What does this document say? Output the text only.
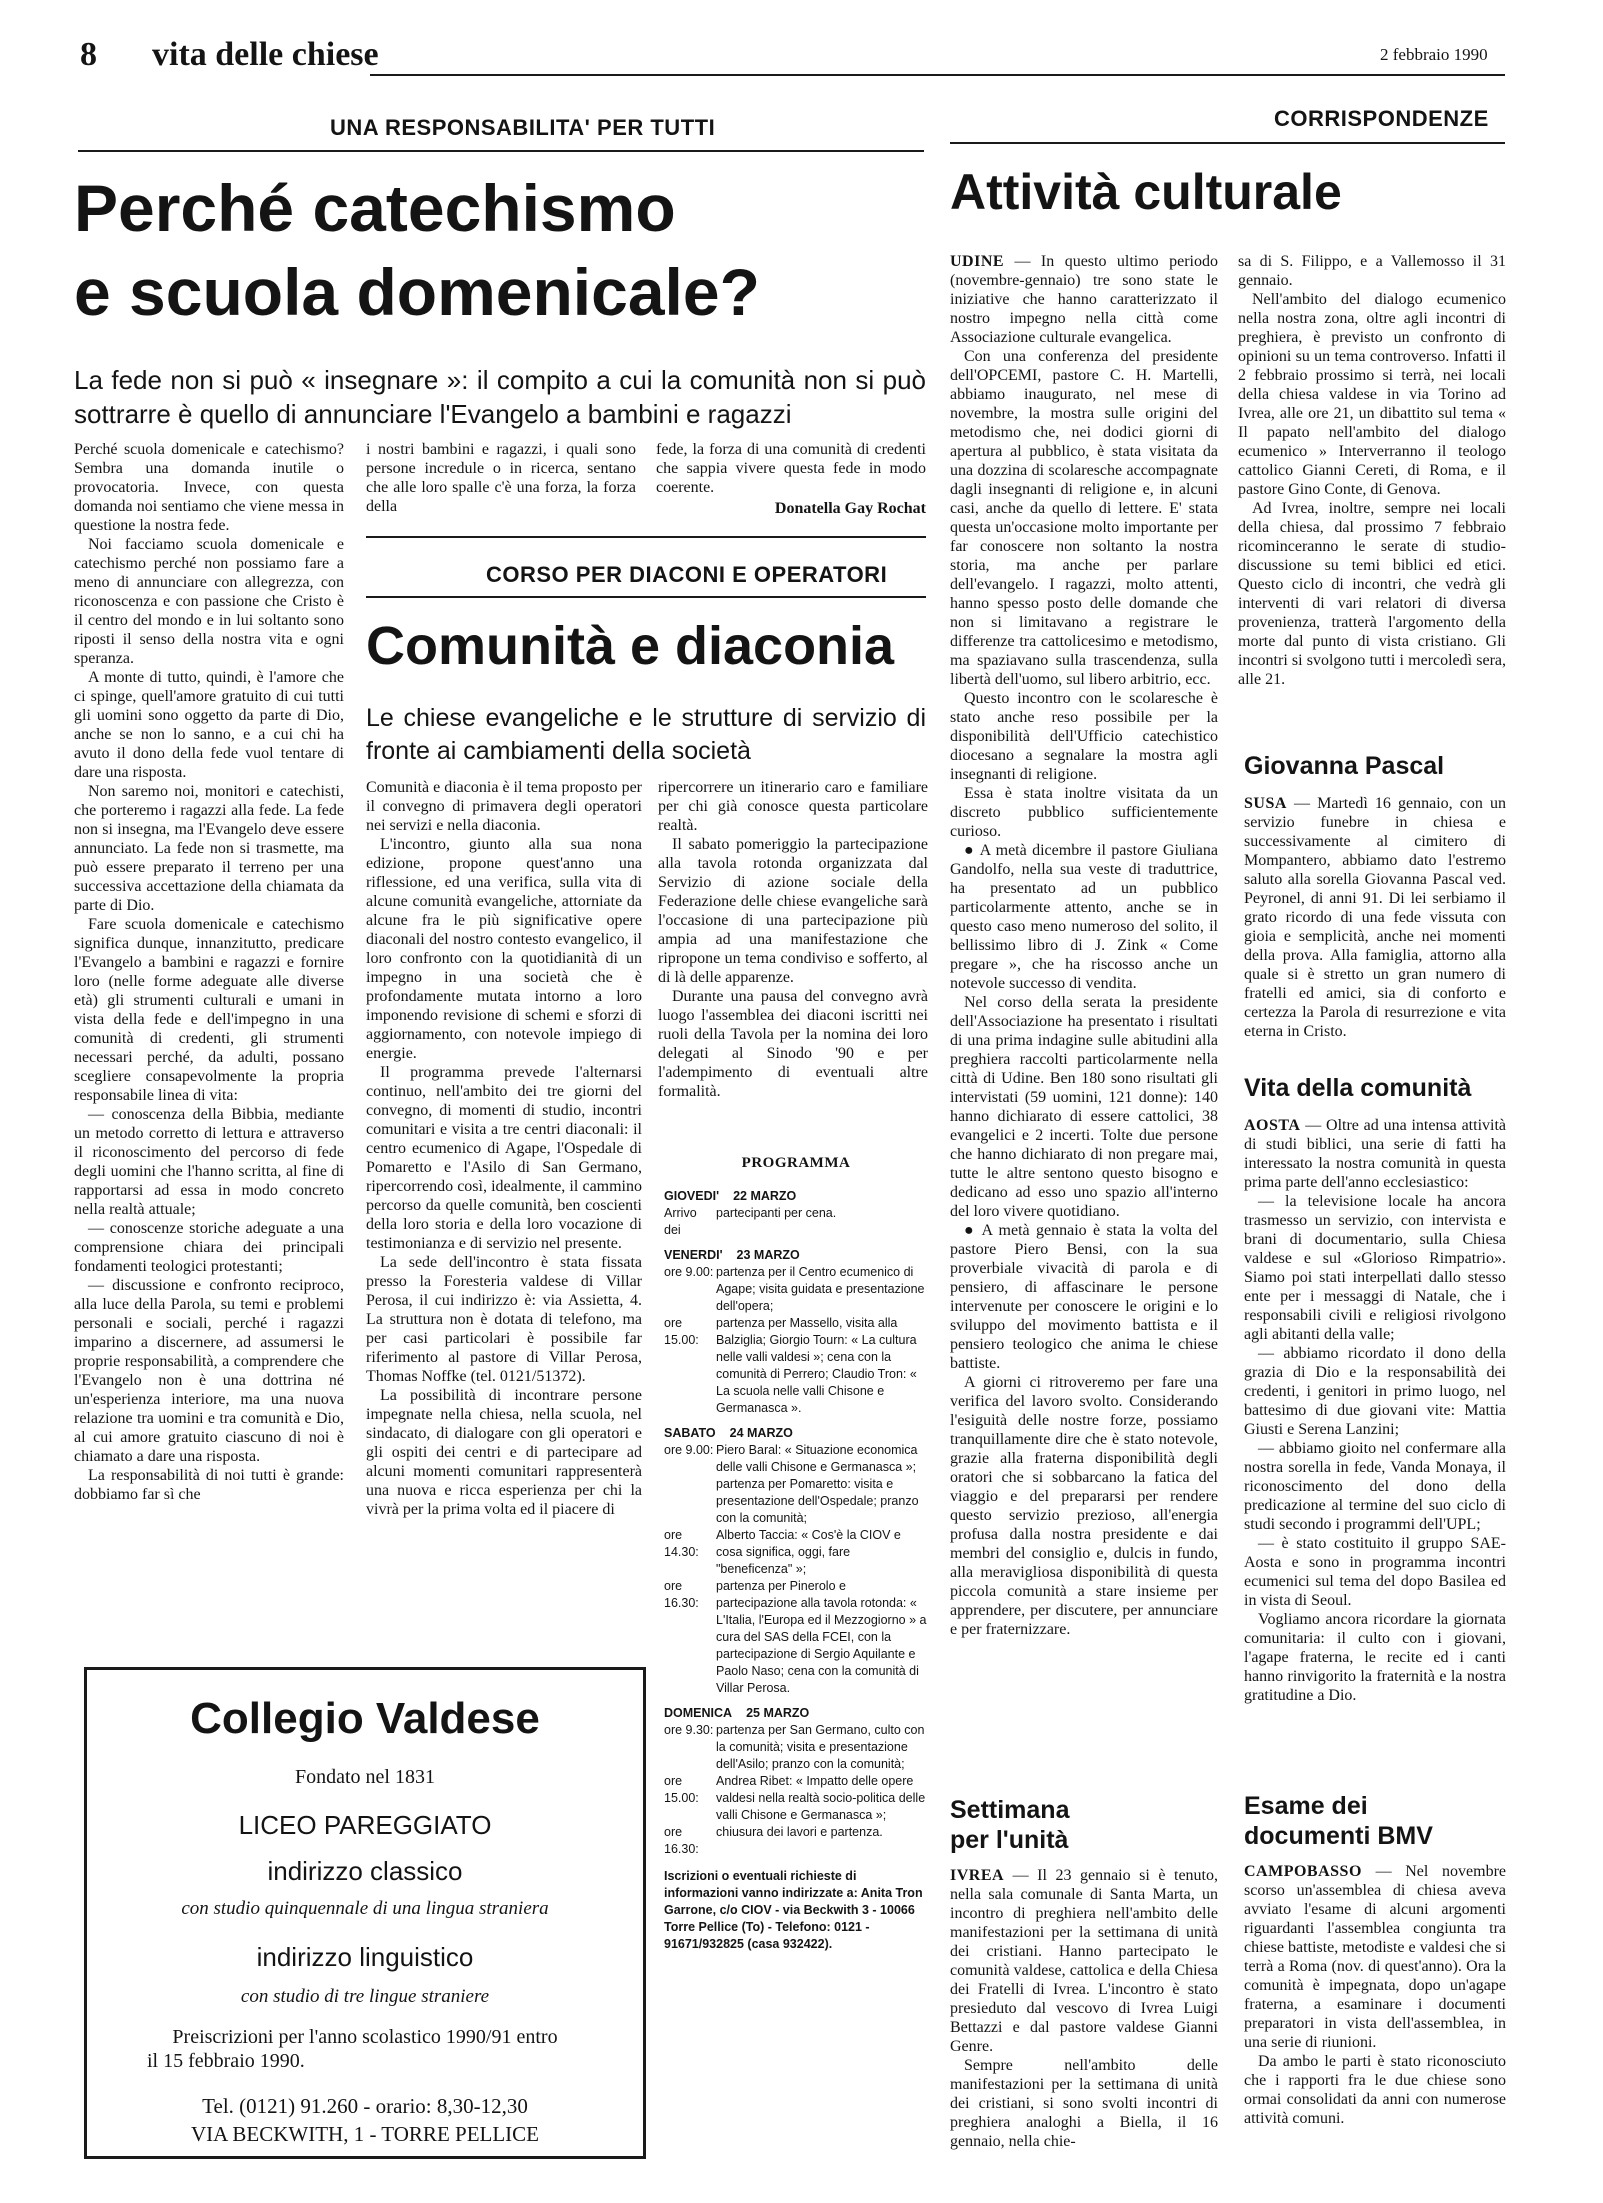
8 vita delle chiese	2 febbraio 1990
UNA RESPONSABILITA' PER TUTTI
Perché catechismo
e scuola domenicale?
La fede non si può « insegnare »: il compito a cui la comunità non si può sottrarre è quello di annunciare l'Evangelo a bambini e ragazzi

Perché scuola domenicale e catechismo? Sembra una domanda inutile o provocatoria. Invece, con questa domanda noi sentiamo che viene messa in questione la nostra fede.

Noi facciamo scuola domenicale e catechismo perché non possiamo fare a meno di annunciare con allegrezza, con riconoscenza e con passione che Cristo è il centro del mondo e in lui soltanto sono riposti il senso della nostra vita e ogni speranza.

A monte di tutto, quindi, è l'amore che ci spinge, quell'amore gratuito di cui tutti gli uomini sono oggetto da parte di Dio, anche se non lo sanno, e a cui chi ha avuto il dono della fede vuol tentare di dare una risposta.

Non saremo noi, monitori e catechisti, che porteremo i ragazzi alla fede. La fede non si insegna, ma l'Evangelo deve essere annunciato. La fede non si trasmette, ma può essere preparato il terreno per una successiva accettazione della chiamata da parte di Dio.

Fare scuola domenicale e catechismo significa dunque, innanzitutto, predicare l'Evangelo a bambini e ragazzi e fornire loro (nelle forme adeguate alle diverse età) gli strumenti culturali e umani in vista della fede e dell'impegno in una comunità di credenti, gli strumenti necessari perché, da adulti, possano scegliere consapevolmente la propria responsabile linea di vita:

— conoscenza della Bibbia, mediante un metodo corretto di lettura e attraverso il riconoscimento del percorso di fede degli uomini che l'hanno scritta, al fine di rapportarsi ad essa in modo concreto nella realtà attuale;

— conoscenze storiche adeguate a una comprensione chiara dei principali fondamenti teologici protestanti;

— discussione e confronto reciproco, alla luce della Parola, su temi e problemi personali e sociali, perché i ragazzi imparino a discernere, ad assumersi le proprie responsabilità, a comprendere che l'Evangelo non è una dottrina né un'esperienza interiore, ma una nuova relazione tra uomini e tra comunità e Dio, al cui amore gratuito ciascuno di noi è chiamato a dare una risposta.

La responsabilità di noi tutti è grande: dobbiamo far sì che

i nostri bambini e ragazzi, i quali sono persone incredule o in ricerca, sentano che alle loro spalle c'è una forza, la forza della

fede, la forza di una comunità di credenti che sappia vivere questa fede in modo coerente.

Donatella Gay Rochat
CORSO PER DIACONI E OPERATORI
Comunità e diaconia
Le chiese evangeliche e le strutture di servizio di fronte ai cambiamenti della società

Comunità e diaconia è il tema proposto per il convegno di primavera degli operatori nei servizi e nella diaconia.

L'incontro, giunto alla sua nona edizione, propone quest'anno una riflessione, ed una verifica, sulla vita di alcune comunità evangeliche, attorniate da alcune fra le più significative opere diaconali del nostro contesto evangelico, il loro confronto con la quotidianità di un impegno in una società che è profondamente mutata intorno a loro imponendo revisione di schemi e sforzi di aggiornamento, con notevole impiego di energie.

Il programma prevede l'alternarsi continuo, nell'ambito dei tre giorni del convegno, di momenti di studio, incontri comunitari e visita a tre centri diaconali: il centro ecumenico di Agape, l'Ospedale di Pomaretto e l'Asilo di San Germano, ripercorrendo così, idealmente, il cammino percorso da quelle comunità, ben coscienti della loro storia e della loro vocazione di testimonianza e di servizio nel presente.

La sede dell'incontro è stata fissata presso la Foresteria valdese di Villar Perosa, il cui indirizzo è: via Assietta, 4. La struttura non è dotata di telefono, ma per casi particolari è possibile far riferimento al pastore di Villar Perosa, Thomas Noffke (tel. 0121/51372).

La possibilità di incontrare persone impegnate nella chiesa, nella scuola, nel sindacato, di dialogare con gli operatori e gli ospiti dei centri e di partecipare ad alcuni momenti comunitari rappresenterà una nuova e ricca esperienza per chi la vivrà per la prima volta ed il piacere di

ripercorrere un itinerario caro e familiare per chi già conosce questa particolare realtà.

Il sabato pomeriggio la partecipazione alla tavola rotonda organizzata dal Servizio di azione sociale della Federazione delle chiese evangeliche sarà l'occasione di una partecipazione più ampia ad una manifestazione che ripropone un tema condiviso e sofferto, al di là delle apparenze.

Durante una pausa del convegno avrà luogo l'assemblea dei diaconi iscritti nei ruoli della Tavola per la nomina dei loro delegati al Sinodo '90 e per l'adempimento di eventuali altre formalità.

PROGRAMMA
GIOVEDI' 22 MARZO
Arrivo dei
partecipanti per cena.
VENERDI' 23 MARZO
ore 9.00: partenza per il Centro ecumenico di Agape; visita guidata e presentazione dell'opera;
ore 15.00:
partenza per Massello, visita alla Balziglia; Giorgio Tourn: « La cultura nelle valli valdesi »; cena con la comunità di Perrero; Claudio Tron: « La scuola nelle valli Chisone e Germanasca ».
SABATO 24 MARZO
ore 9.00: Piero Baral: « Situazione economica delle valli Chisone e Germanasca »; partenza per Pomaretto: visita e presentazione dell'Ospedale; pranzo con la comunità;
ore 14.30:
Alberto Taccia: « Cos'è la CIOV e cosa significa, oggi, fare "beneficenza" »;
ore 16.30:
partenza per Pinerolo e partecipazione alla tavola rotonda: « L'Italia, l'Europa ed il Mezzogiorno » a cura del SAS della FCEI, con la partecipazione di Sergio Aquilante e Paolo Naso; cena con la comunità di Villar Perosa.
DOMENICA 25 MARZO
ore 9.30: partenza per San Germano, culto con la comunità; visita e presentazione dell'Asilo; pranzo con la comunità;
ore 15.00:
Andrea Ribet: « Impatto delle opere valdesi nella realtà socio-politica delle valli Chisone e Germanasca »;
ore 16.30:
chiusura dei lavori e partenza.
Iscrizioni o eventuali richieste di informazioni vanno indirizzate a: Anita Tron Garrone, c/o CIOV - via Beckwith 3 - 10066 Torre Pellice (To) - Telefono: 0121 - 91671/932825 (casa 932422).
Collegio Valdese
Fondato nel 1831
LICEO PAREGGIATO
indirizzo classico
con studio quinquennale di una lingua straniera
indirizzo linguistico
con studio di tre lingue straniere
Preiscrizioni per l'anno scolastico 1990/91 entro
il 15 febbraio 1990.
Tel. (0121) 91.260 - orario: 8,30-12,30
VIA BECKWITH, 1 - TORRE PELLICE
CORRISPONDENZE
Attività culturale

UDINE — In questo ultimo periodo (novembre-gennaio) tre sono state le iniziative che hanno caratterizzato il nostro impegno nella città come Associazione culturale evangelica.

Con una conferenza del presidente dell'OPCEMI, pastore C. H. Martelli, abbiamo inaugurato, nel mese di novembre, la mostra sulle origini del metodismo che, nei dodici giorni di apertura al pubblico, è stata visitata da una dozzina di scolaresche accompagnate dagli insegnanti di religione e, in alcuni casi, anche da quello di lettere. E' stata questa un'occasione molto importante per far conoscere non soltanto la nostra storia, ma anche per parlare dell'evangelo. I ragazzi, molto attenti, hanno spesso posto delle domande che non si limitavano a registrare le differenze tra cattolicesimo e metodismo, ma spaziavano sulla trascendenza, sulla libertà dell'uomo, sul libero arbitrio, ecc.

Questo incontro con le scolaresche è stato anche reso possibile per la disponibilità dell'Ufficio catechistico diocesano a segnalare la mostra agli insegnanti di religione.

Essa è stata inoltre visitata da un discreto pubblico sufficientemente curioso.

● A metà dicembre il pastore Giuliana Gandolfo, nella sua veste di traduttrice, ha presentato ad un pubblico particolarmente attento, anche se in questo caso meno numeroso del solito, il bellissimo libro di J. Zink « Come pregare », che ha riscosso anche un notevole successo di vendita.

Nel corso della serata la presidente dell'Associazione ha presentato i risultati di una prima indagine sulle abitudini alla preghiera raccolti particolarmente nella città di Udine. Ben 180 sono risultati gli intervistati (59 uomini, 121 donne): 140 hanno dichiarato di essere cattolici, 38 evangelici e 2 incerti. Tolte due persone che hanno dichiarato di non pregare mai, tutte le altre sentono questo bisogno e dedicano ad esso uno spazio all'interno del loro vivere quotidiano.

● A metà gennaio è stata la volta del pastore Piero Bensi, con la sua proverbiale vivacità di parola e di pensiero, di affascinare le persone intervenute per conoscere le origini e lo sviluppo del movimento battista e il pensiero teologico che anima le chiese battiste.

A giorni ci ritroveremo per fare una verifica del lavoro svolto. Considerando l'esiguità delle nostre forze, possiamo tranquillamente dire che è stato notevole, grazie alla fraterna disponibilità degli oratori che si sobbarcano la fatica del viaggio e del prepararsi per rendere questo servizio prezioso, all'energia profusa dalla nostra presidente e dai membri del consiglio e, dulcis in fundo, alla meravigliosa disponibilità di questa piccola comunità a stare insieme per apprendere, per discutere, per annunciare e per fraternizzare.

sa di S. Filippo, e a Vallemosso il 31 gennaio.

Nell'ambito del dialogo ecumenico nella nostra zona, oltre agli incontri di preghiera, è previsto un confronto di opinioni su un tema controverso. Infatti il 2 febbraio prossimo si terrà, nei locali della chiesa valdese in via Torino ad Ivrea, alle ore 21, un dibattito sul tema « Il papato nell'ambito del dialogo ecumenico » Interverranno il teologo cattolico Gianni Cereti, di Roma, e il pastore Gino Conte, di Genova.

Ad Ivrea, inoltre, sempre nei locali della chiesa, dal prossimo 7 febbraio ricominceranno le serate di studio-discussione su temi biblici ed etici. Questo ciclo di incontri, che vedrà gli interventi di vari relatori di diversa provenienza, tratterà l'argomento della morte dal punto di vista cristiano. Gli incontri si svolgono tutti i mercoledì sera, alle 21.

Settimana
per l'unità

IVREA — Il 23 gennaio si è tenuto, nella sala comunale di Santa Marta, un incontro di preghiera nell'ambito delle manifestazioni per la settimana di unità dei cristiani. Hanno partecipato le comunità valdese, cattolica e della Chiesa dei Fratelli di Ivrea. L'incontro è stato presieduto dal vescovo di Ivrea Luigi Bettazzi e dal pastore valdese Gianni Genre.

Sempre nell'ambito delle manifestazioni per la settimana di unità dei cristiani, si sono svolti incontri di preghiera analoghi a Biella, il 16 gennaio, nella chie-

Giovanna Pascal

SUSA — Martedì 16 gennaio, con un servizio funebre in chiesa e successivamente al cimitero di Mompantero, abbiamo dato l'estremo saluto alla sorella Giovanna Pascal ved. Peyronel, di anni 91. Di lei serbiamo il grato ricordo di una fede vissuta con gioia e semplicità, anche nei momenti della prova. Alla famiglia, attorno alla quale si è stretto un gran numero di fratelli ed amici, sia di conforto e certezza la Parola di resurrezione e vita eterna in Cristo.

Vita della comunità

AOSTA — Oltre ad una intensa attività di studi biblici, una serie di fatti ha interessato la nostra comunità in questa prima parte dell'anno ecclesiastico:

— la televisione locale ha ancora trasmesso un servizio, con intervista e brani di documentario, sulla Chiesa valdese e sul «Glorioso Rimpatrio». Siamo poi stati interpellati dallo stesso ente per i messaggi di Natale, che i responsabili civili e religiosi rivolgono agli abitanti della valle;

— abbiamo ricordato il dono della grazia di Dio e la responsabilità dei credenti, i genitori in primo luogo, nel battesimo di due giovani vite: Mattia Giusti e Serena Lanzini;

— abbiamo gioito nel confermare alla nostra sorella in fede, Vanda Monaya, il riconoscimento del dono della predicazione al termine del suo ciclo di studi secondo i programmi dell'UPL;

— è stato costituito il gruppo SAE-Aosta e sono in programma incontri ecumenici sul tema del dopo Basilea ed in vista di Seoul.

Vogliamo ancora ricordare la giornata comunitaria: il culto con i giovani, l'agape fraterna, le recite ed i canti hanno rinvigorito la fraternità e la nostra gratitudine a Dio.

Esame dei
documenti BMV

CAMPOBASSO — Nel novembre scorso un'assemblea di chiesa aveva avviato l'esame di alcuni argomenti riguardanti l'assemblea congiunta tra chiese battiste, metodiste e valdesi che si terrà a Roma (nov. di quest'anno). Ora la comunità è impegnata, dopo un'agape fraterna, a esaminare i documenti preparatori in vista dell'assemblea, in una serie di riunioni.

Da ambo le parti è stato riconosciuto che i rapporti fra le due chiese sono ormai consolidati da anni con numerose attività comuni.
